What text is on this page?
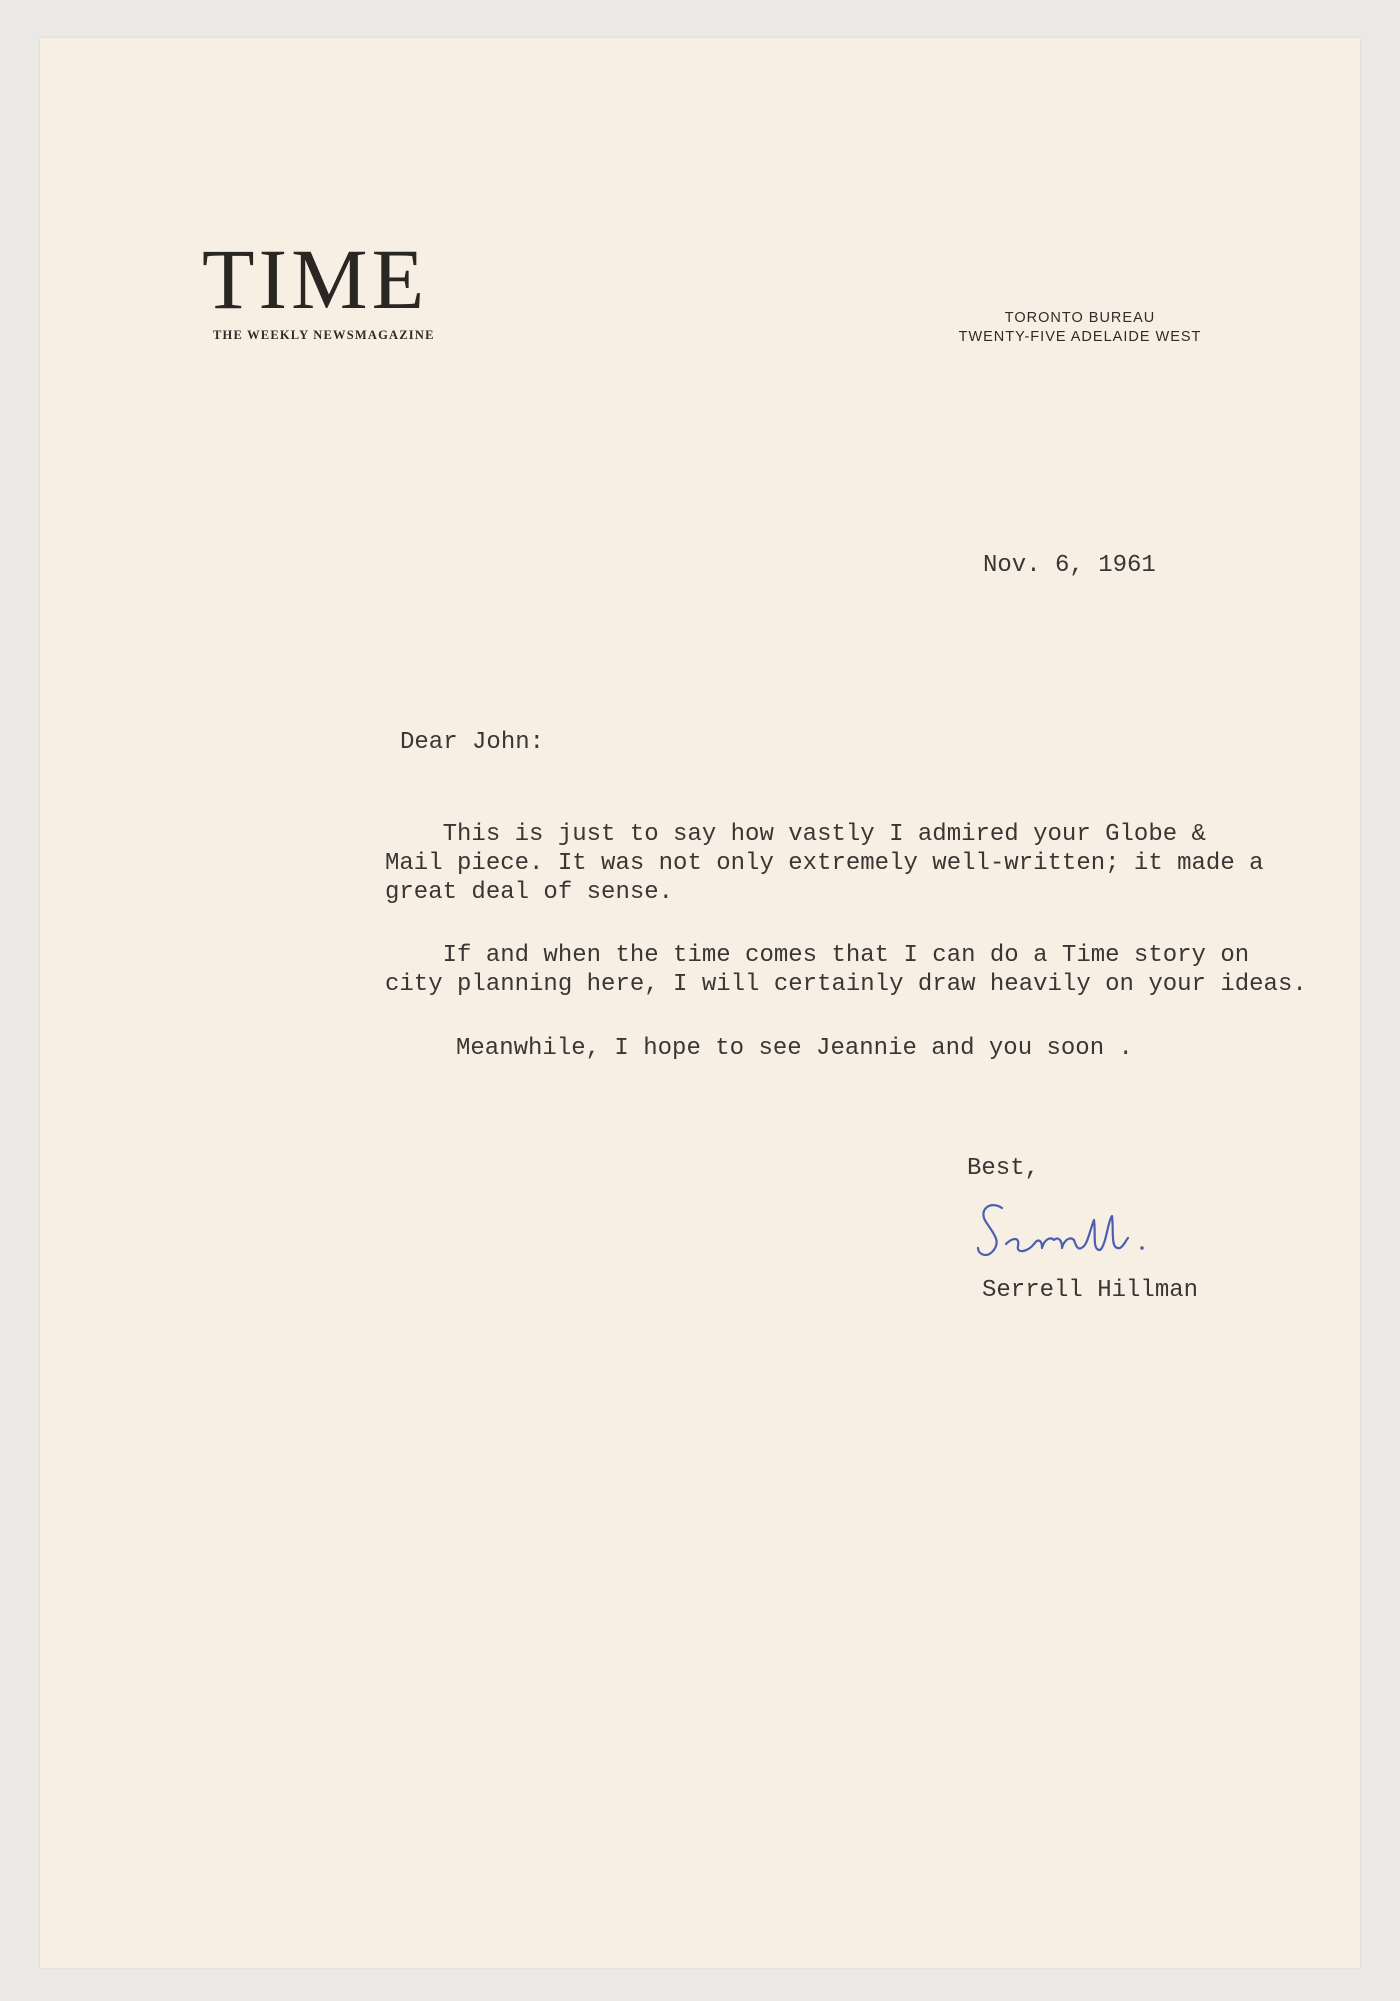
TIME
THE WEEKLY NEWSMAGAZINE
TORONTO BUREAU
TWENTY-FIVE ADELAIDE WEST
Nov. 6, 1961
Dear John:
This is just to say how vastly I admired your Globe &
Mail piece. It was not only extremely well-written; it made a
great deal of sense.
If and when the time comes that I can do a Time story on
city planning here, I will certainly draw heavily on your ideas.
Meanwhile, I hope to see Jeannie and you soon .
Best,
Serrell Hillman
